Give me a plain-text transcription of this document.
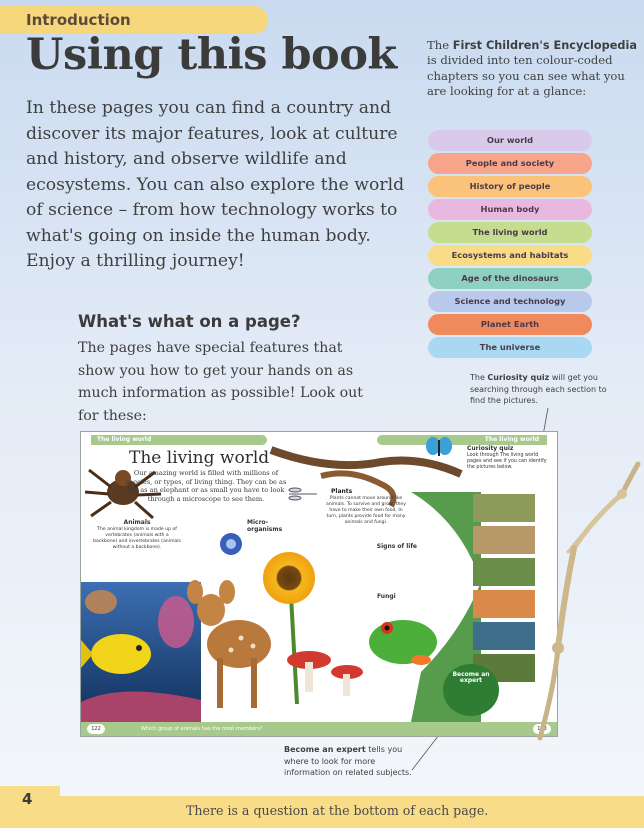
Introduction
Using this book

In these pages you can find a country and discover its major features, look at culture and history, and observe wildlife and ecosystems. You can also explore the world of science – from how technology works to what's going on inside the human body. Enjoy a thrilling journey!

The First Children's Encyclopedia is divided into ten colour-coded chapters so you can see what you are looking for at a glance:

Our world
People and society
History of people
Human body
The living world
Ecosystems and habitats
Age of the dinosaurs
Science and technology
Planet Earth
The universe
What's what on a page?

The pages have special features that show you how to get your hands on as much information as possible! Look out for these:

The Curiosity quiz will get you searching through each section to find the pictures.

The living world	The living world
The living world

Our amazing world is filled with millions of species, or types, of living thing. They can be as big as an elephant or as small you have to look through a microscope to see them.

Animals
The animal kingdom is made up of vertebrates (animals with a backbone) and invertebrates (animals without a backbone).
Micro-organisms
Plants
Plants cannot move around like animals. To survive and grow, they have to make their own food. In turn, plants provide food for many animals and fungi.
Signs of life
Fungi
Curiosity quiz
Look through The living world pages and see if you can identify the pictures below.
Become an expert
Which group of animals has the most members?
122	123

Become an expert tells you where to look for more information on related subjects.

4
There is a question at the bottom of each page.
